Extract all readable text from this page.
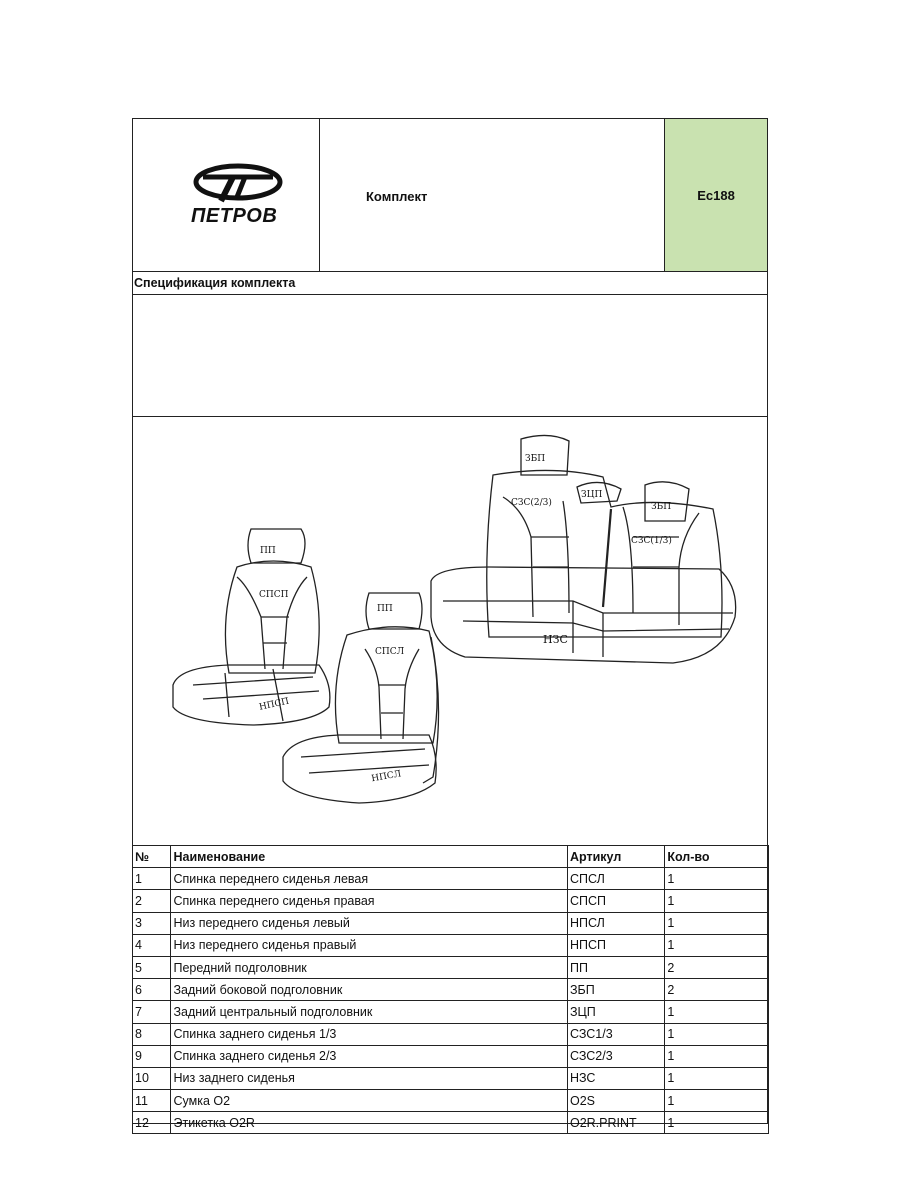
ПЕТРОВ
Комплект	Ес188
Спецификация комплекта
ПП
СПСП
НПСП
ПП
СПСЛ
НПСЛ
ЗБП
ЗЦП
ЗБП
СЗС(2/3)
СЗС(1/3)
НЗС
№	Наименование	Артикул	Кол-во
1	Спинка переднего сиденья левая	СПСЛ	1
2	Спинка переднего сиденья правая	СПСП	1
3	Низ переднего сиденья левый	НПСЛ	1
4	Низ переднего сиденья правый	НПСП	1
5	Передний подголовник	ПП	2
6	Задний боковой подголовник	ЗБП	2
7	Задний центральный подголовник	ЗЦП	1
8	Спинка заднего сиденья 1/3	СЗС1/3	1
9	Спинка заднего сиденья 2/3	СЗС2/3	1
10	Низ заднего сиденья	НЗС	1
11	Сумка О2	O2S	1
12	Этикетка O2R	O2R.PRINT	1
